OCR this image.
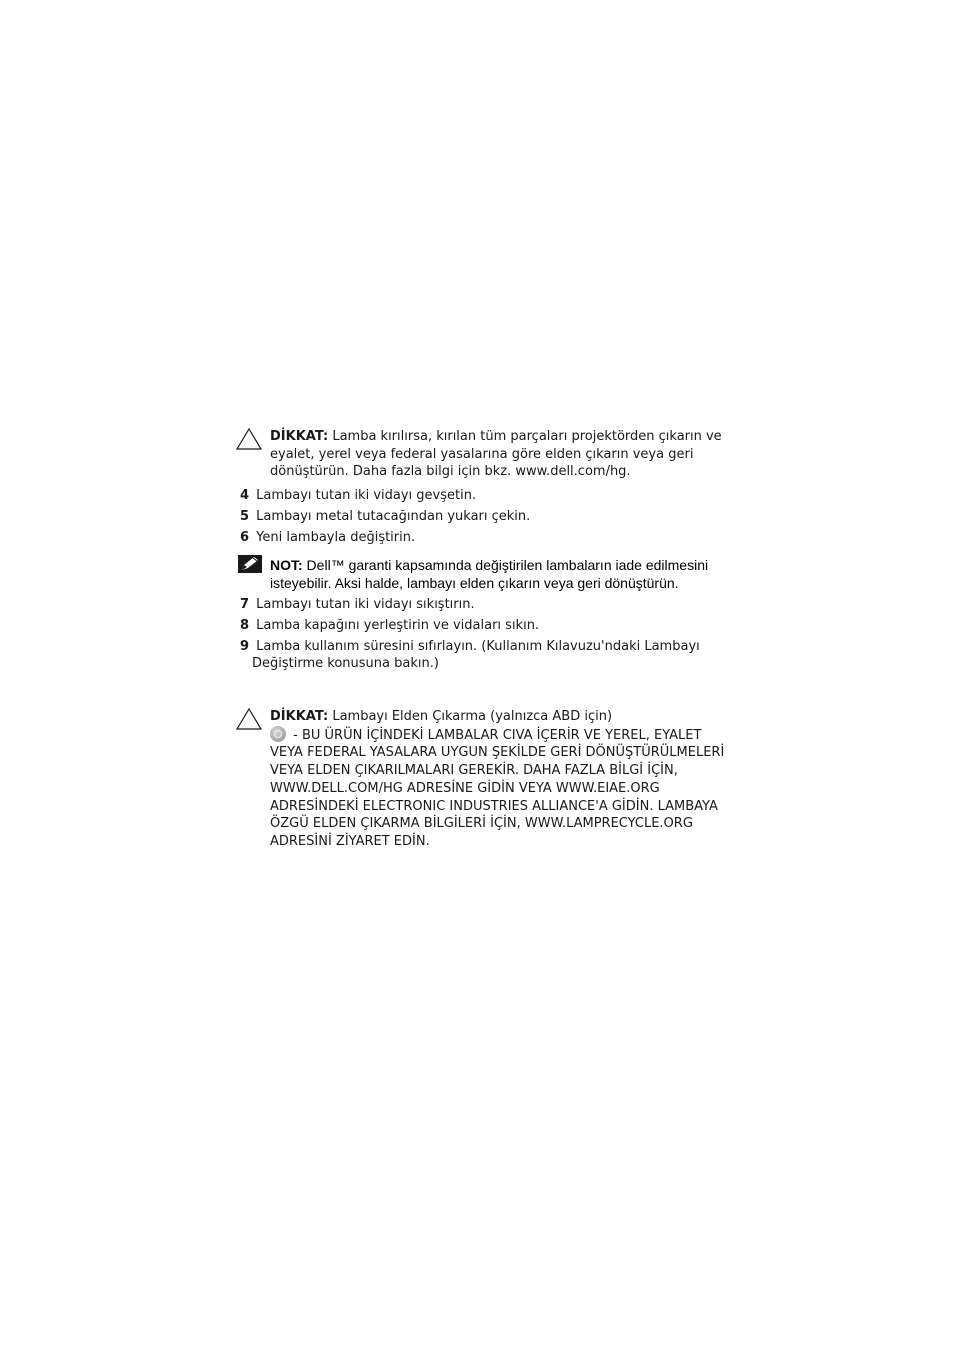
DİKKAT: Lamba kırılırsa, kırılan tüm parçaları projektörden çıkarın ve eyalet, yerel veya federal yasalarına göre elden çıkarın veya geri dönüştürün. Daha fazla bilgi için bkz. www.dell.com/hg.
4 Lambayı tutan iki vidayı gevşetin.
5 Lambayı metal tutacağından yukarı çekin.
6 Yeni lambayla değiştirin.
NOT: Dell™ garanti kapsamında değiştirilen lambaların iade edilmesini isteyebilir. Aksi halde, lambayı elden çıkarın veya geri dönüştürün.
7 Lambayı tutan iki vidayı sıkıştırın.
8 Lamba kapağını yerleştirin ve vidaları sıkın.
9 Lamba kullanım süresini sıfırlayın. (Kullanım Kılavuzu'ndaki Lambayı
Değiştirme konusuna bakın.)
DİKKAT: Lambayı Elden Çıkarma (yalnızca ABD için)
- BU ÜRÜN İÇİNDEKİ LAMBALAR CIVA İÇERİR VE YEREL, EYALET VEYA FEDERAL YASALARA UYGUN ŞEKİLDE GERİ DÖNÜŞTÜRÜLMELERİ VEYA ELDEN ÇIKARILMALARI GEREKİR. DAHA FAZLA BİLGİ İÇİN, WWW.DELL.COM/HG ADRESİNE GİDİN VEYA WWW.EIAE.ORG ADRESİNDEKİ ELECTRONIC INDUSTRIES ALLIANCE'A GİDİN. LAMBAYA ÖZGÜ ELDEN ÇIKARMA BİLGİLERİ İÇİN, WWW.LAMPRECYCLE.ORG ADRESİNİ ZİYARET EDİN.
